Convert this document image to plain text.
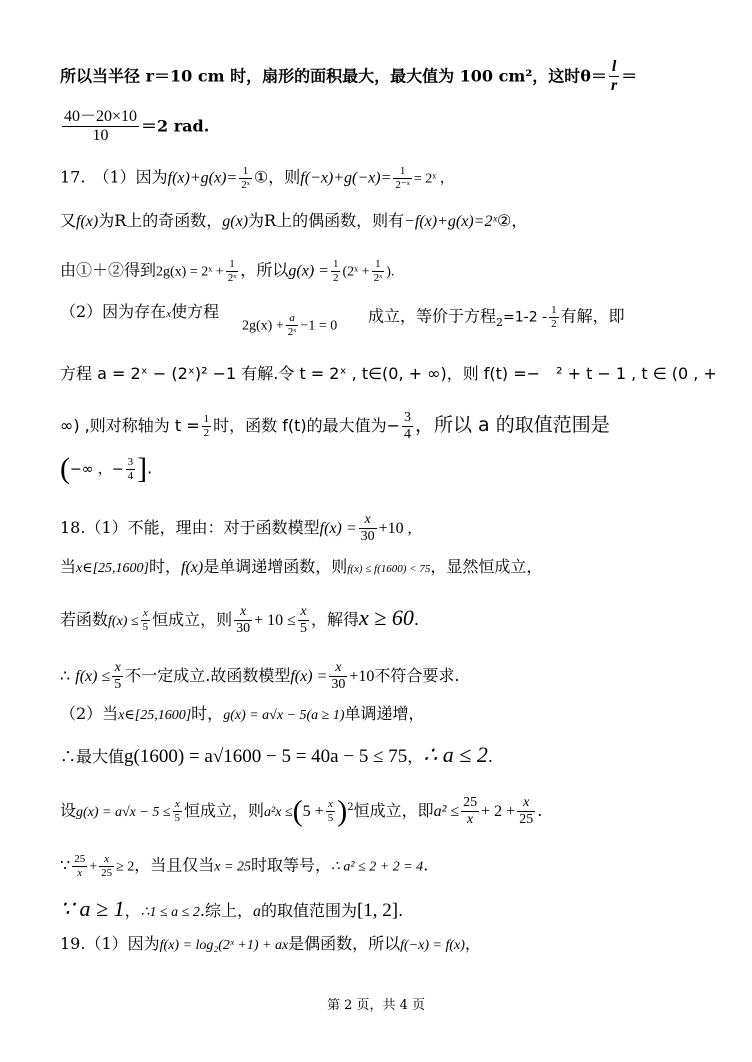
所以当半径 r＝10 cm 时，扇形的面积最大，最大值为 100 cm²，这时$\theta= \frac{l}{r}$ ＝
$\frac{40-20\times 10}{10} =2$ rad.
17.　（1）因为$f(x)+g(x)= \frac{1}{\text{2ˣ}}$ ①，则$f(-x)+g(-x)= \frac{1}{\text{2⁻ˣ}}$ = 2ˣ ，
又f(x)为R上的奇函数，g(x)为R上的偶函数，则有−f(x)+g(x)=2ˣ②，
由①＋②得到2g(x) = 2ˣ + $\frac{1}{\text{2ˣ}}$ ，所以$g(x) = \frac{1}{2}$ (2ˣ + $\frac{1}{\text{2ˣ}}$ ).
（2）因为存在x使方程
$2g(x) + \frac{a}{\text{2ˣ}} -1 = 0$
成立，等价于方程$_2=1-2 - \frac{1}{2}$ 有解，即
方程 a = 2ˣ − (2ˣ)² −1 有解.令 t = 2ˣ , t∈(0, + ∞)，则 f(t) =−　² + t − 1 , t ∈ (0 , +
∞) ,则对称轴为 $t = \frac{1}{2}$ 时，函数 f(t)的最大值为− $\frac{3}{4}$ ，所以 a 的取值范围是
(−∞ ，− $\frac{3}{4}$ ].
18.（1）不能，理由：对于函数模型$f(x) = \frac{x}{30} +10$ ,
当x∈[25,1600]时，f(x)是单调递增函数，则f(x) ≤ f(1600) < 75，显然恒成立，
若函数$f(x) \le \frac{x}{5}$ 恒成立，则 $\frac{x}{30} + 10 \le \frac{x}{5}$ ，解得x ≥ 60.
∴ $f(x) \le \frac{x}{5}$ 不一定成立.故函数模型$f(x) = \frac{x}{30} +10$不符合要求.
（2）当x∈[25,1600]时，g(x) = a√x − 5(a ≥ 1)单调递增，
∴最大值g(1600) = a√1600 − 5 = 40a − 5 ≤ 75，∴ a ≤ 2.
设$g(x) = a√x - 5 \le \frac{x}{5}$ 恒成立，则$a^2x \le(5 + \frac{x}{5} )^2$恒成立，即$a^2 \le \frac{25}{x} + 2 + \frac{x}{25}$ .
∵ $\frac{25}{x} + \frac{x}{25} \ge 2$，当且仅当x = 25时取等号，∴ a² ≤ 2 + 2 = 4.
∵ a ≥ 1，∴1 ≤ a ≤ 2.综上，a的取值范围为[1, 2].
19.（1）因为f(x) = log₂(2ˣ +1) + ax是偶函数，所以f(−x) = f(x)，
第 2 页，共 4 页
